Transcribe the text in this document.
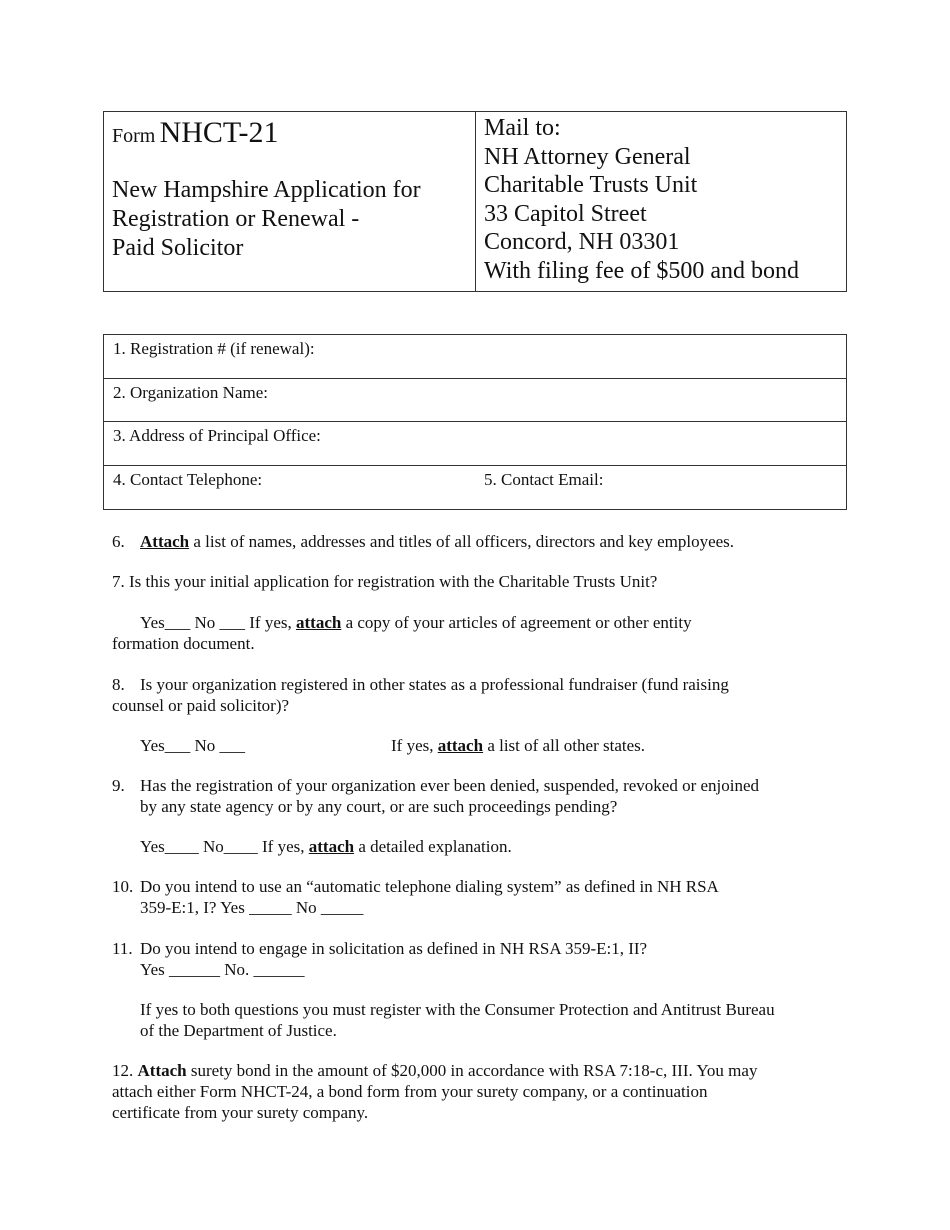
Form NHCT-21
New Hampshire Application for
Registration or Renewal -
Paid Solicitor
Mail to:
NH Attorney General
Charitable Trusts Unit
33 Capitol Street
Concord, NH 03301
With filing fee of $500 and bond
1. Registration # (if renewal):
2. Organization Name:
3. Address of Principal Office:
4. Contact Telephone:	5. Contact Email:
6. Attach a list of names, addresses and titles of all officers, directors and key employees.
7. Is this your initial application for registration with the Charitable Trusts Unit?
Yes___ No ___ If yes, attach a copy of your articles of agreement or other entity
formation document.
8. Is your organization registered in other states as a professional fundraiser (fund raising
counsel or paid solicitor)?
Yes___ No ___	If yes, attach a list of all other states.
9. Has the registration of your organization ever been denied, suspended, revoked or enjoined
by any state agency or by any court, or are such proceedings pending?
Yes____ No____ If yes, attach a detailed explanation.
10. Do you intend to use an “automatic telephone dialing system” as defined in NH RSA
359-E:1, I? Yes _____ No _____
11. Do you intend to engage in solicitation as defined in NH RSA 359-E:1, II?
Yes ______ No. ______
If yes to both questions you must register with the Consumer Protection and Antitrust Bureau
of the Department of Justice.
12. Attach surety bond in the amount of $20,000 in accordance with RSA 7:18-c, III. You may
attach either Form NHCT-24, a bond form from your surety company, or a continuation
certificate from your surety company.
